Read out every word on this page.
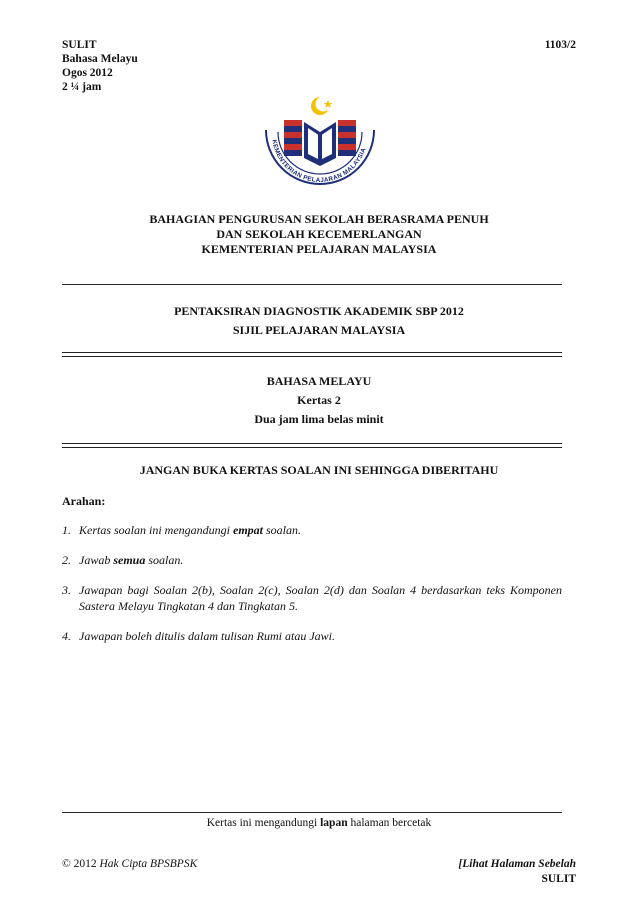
SULIT
Bahasa Melayu
Ogos 2012
2 ¼ jam
1103/2
KEMENTERIAN PELAJARAN MALAYSIA
BAHAGIAN PENGURUSAN SEKOLAH BERASRAMA PENUH
DAN SEKOLAH KECEMERLANGAN
KEMENTERIAN PELAJARAN MALAYSIA
PENTAKSIRAN DIAGNOSTIK AKADEMIK SBP 2012
SIJIL PELAJARAN MALAYSIA
BAHASA MELAYU
Kertas 2
Dua jam lima belas minit
JANGAN BUKA KERTAS SOALAN INI SEHINGGA DIBERITAHU
Arahan:
1. Kertas soalan ini mengandungi empat soalan.
2. Jawab semua soalan.
3. Jawapan bagi Soalan 2(b), Soalan 2(c), Soalan 2(d) dan Soalan 4 berdasarkan teks Komponen Sastera Melayu Tingkatan 4 dan Tingkatan 5.
4. Jawapan boleh ditulis dalam tulisan Rumi atau Jawi.
Kertas ini mengandungi lapan halaman bercetak
© 2012 Hak Cipta BPSBPSK	[Lihat Halaman Sebelah
SULIT
